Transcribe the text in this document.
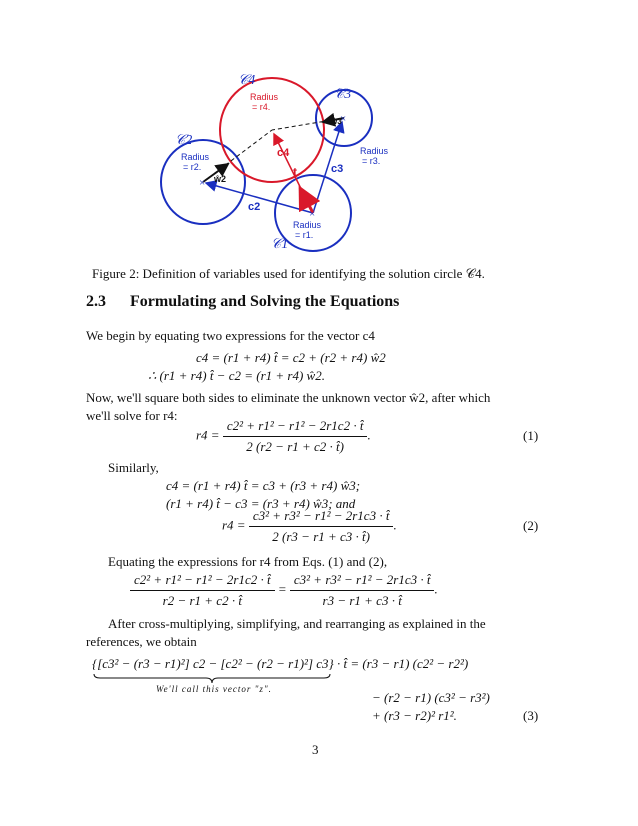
×
×
×
𝒞4
𝒞3
𝒞2
𝒞1
Radius
= r4.
Radius
= r2.
Radius
= r3.
Radius
= r1.
c4
t	c3
c2
ŵ2
ŵ3
Figure 2: Definition of variables used for identifying the solution circle 𝒞4.
2.3 Formulating and Solving the Equations
We begin by equating two expressions for the vector c4
c4 = (r1 + r4) t̂ = c2 + (r2 + r4) ŵ2
∴ (r1 + r4) t̂ − c2 = (r1 + r4) ŵ2.
Now, we'll square both sides to eliminate the unknown vector ŵ2, after which
we'll solve for r4:
$r4 = \frac{\text{c2² + r1² − r1² − 2r1c2 · t̂}}{2 (r2 - r1 + c2 \cdot t̂)}$ .	(1)
Similarly,
c4 = (r1 + r4) t̂ = c3 + (r3 + r4) ŵ3;
(r1 + r4) t̂ − c3 = (r3 + r4) ŵ3; and
$r4 = \frac{\text{c3² + r3² − r1² − 2r1c3 · t̂}}{2 (r3 - r1 + c3 \cdot t̂)}$ .	(2)
Equating the expressions for r4 from Eqs. (1) and (2),
$\frac{\text{c2² + r1² − r1² − 2r1c2 · t̂}}{r2 - r1 + c2 \cdot t̂} = \frac{\text{c3² + r3² − r1² − 2r1c3 · t̂}}{r3 - r1 + c3 \cdot t̂}$ .
After cross-multiplying, simplifying, and rearranging as explained in the
references, we obtain
{[c3² − (r3 − r1)²] c2 − [c2² − (r2 − r1)²] c3} · t̂ = (r3 − r1) (c2² − r2²)
We'll call this vector "z".
− (r2 − r1) (c3² − r3²)
+ (r3 − r2)² r1².	(3)
3
